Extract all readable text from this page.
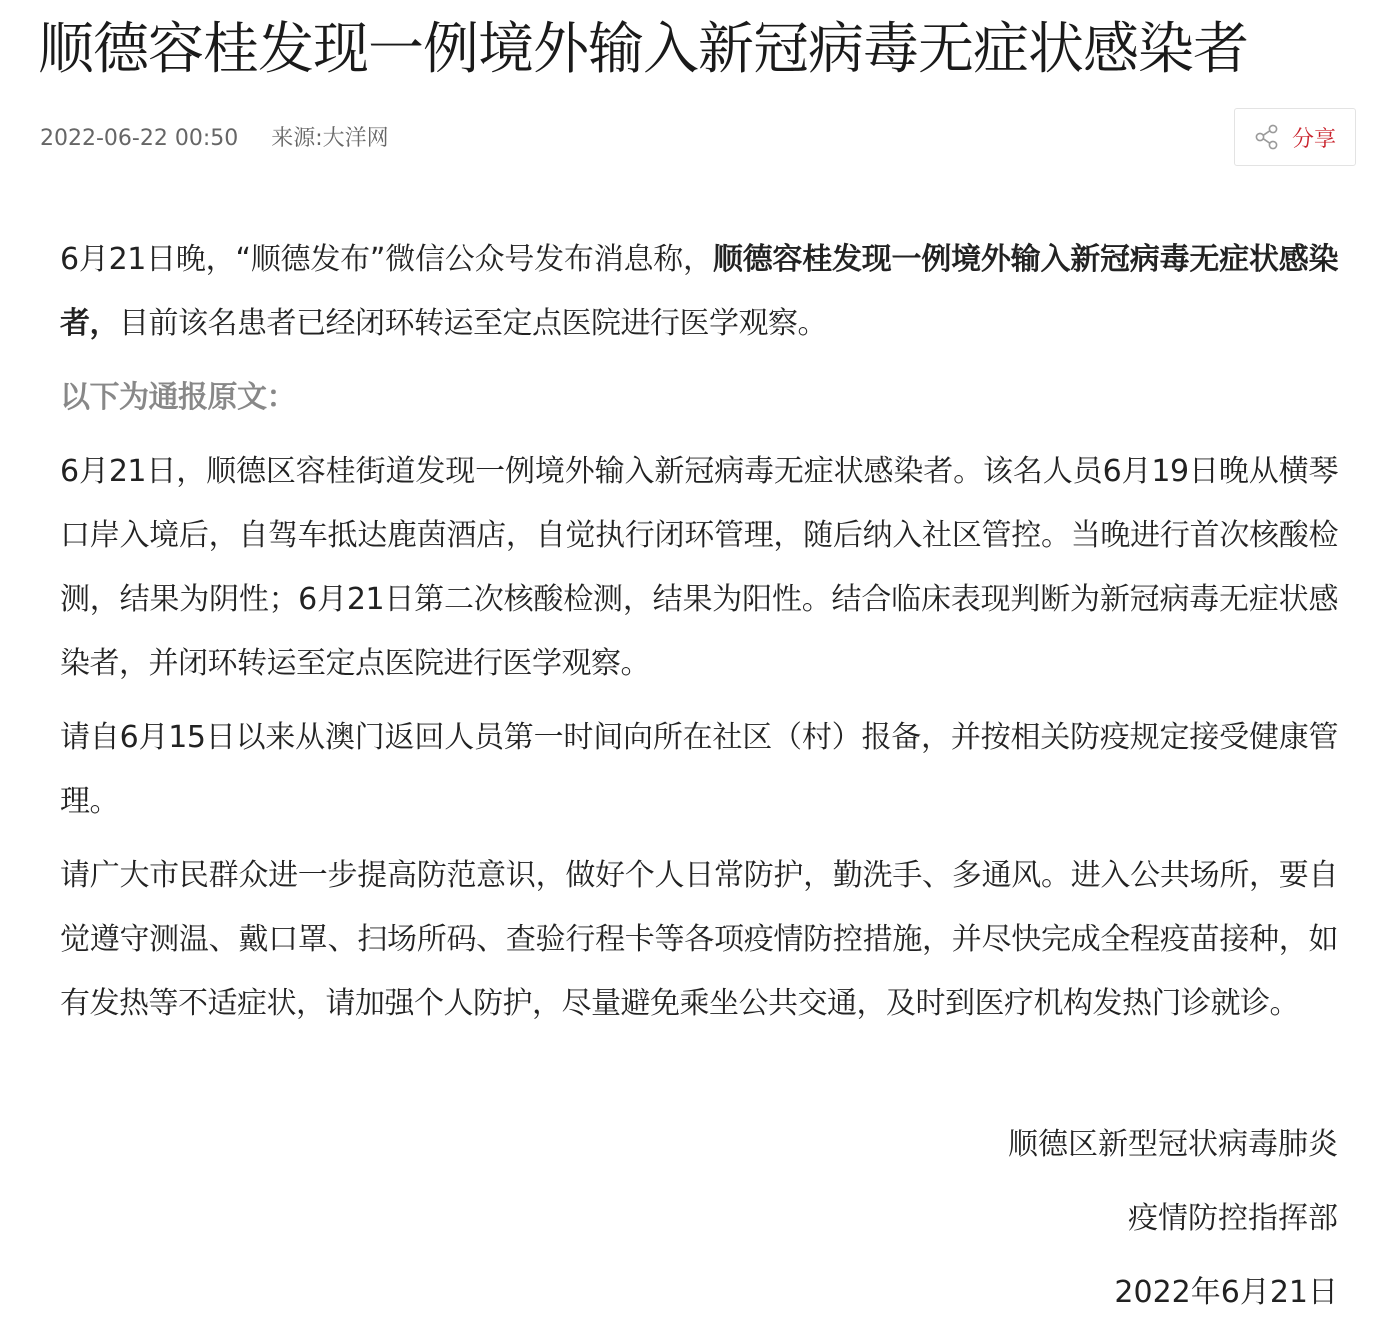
顺德容桂发现一例境外输入新冠病毒无症状感染者
2022-06-22 00:50 来源:大洋网	分享

6月21日晚，“顺德发布”微信公众号发布消息称，顺德容桂发现一例境外输入新冠病毒无症状感染者，目前该名患者已经闭环转运至定点医院进行医学观察。

以下为通报原文：

6月21日，顺德区容桂街道发现一例境外输入新冠病毒无症状感染者。该名人员6月19日晚从横琴口岸入境后，自驾车抵达鹿茵酒店，自觉执行闭环管理，随后纳入社区管控。当晚进行首次核酸检测，结果为阴性；6月21日第二次核酸检测，结果为阳性。结合临床表现判断为新冠病毒无症状感染者，并闭环转运至定点医院进行医学观察。

请自6月15日以来从澳门返回人员第一时间向所在社区（村）报备，并按相关防疫规定接受健康管理。

请广大市民群众进一步提高防范意识，做好个人日常防护，勤洗手、多通风。进入公共场所，要自觉遵守测温、戴口罩、扫场所码、查验行程卡等各项疫情防控措施，并尽快完成全程疫苗接种，如有发热等不适症状，请加强个人防护，尽量避免乘坐公共交通，及时到医疗机构发热门诊就诊。

顺德区新型冠状病毒肺炎

疫情防控指挥部

2022年6月21日
